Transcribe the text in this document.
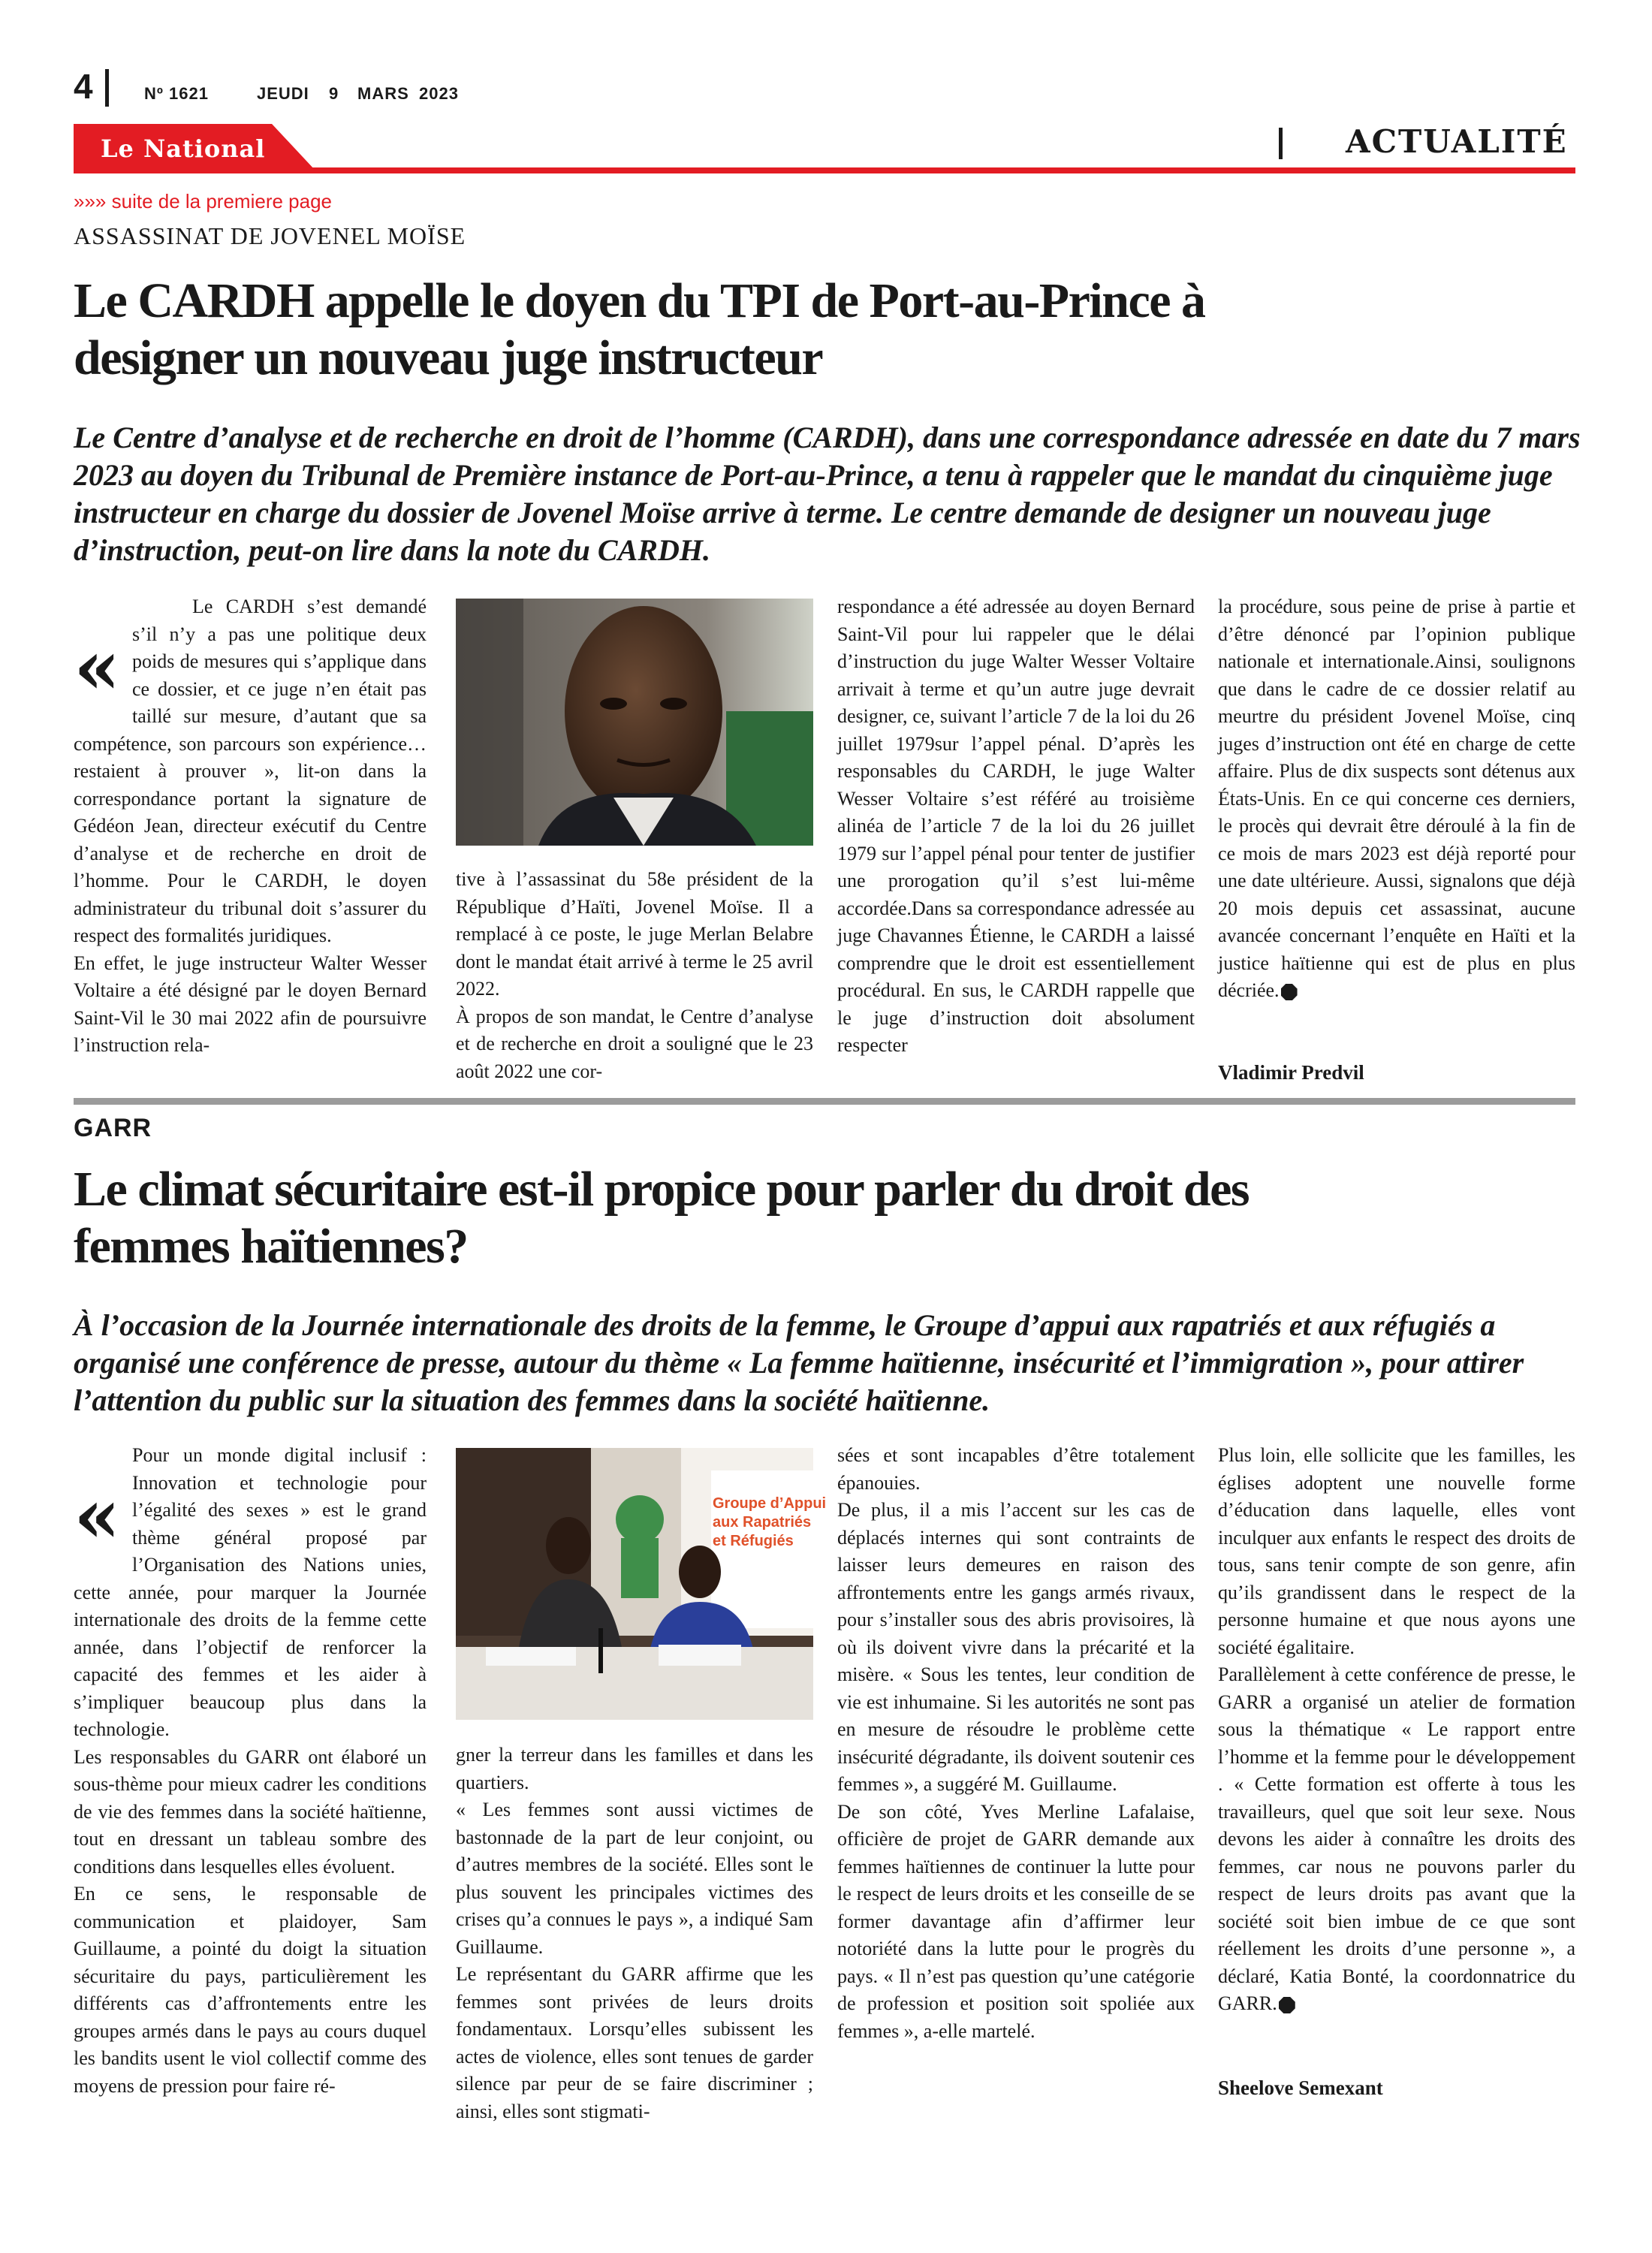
4	Nº 1621	JEUDI 9 MARS 2023
Le National	ACTUALITÉ
»»» suite de la premiere page
ASSASSINAT DE JOVENEL MOÏSE
Le CARDH appelle le doyen du TPI de Port-au-Prince à
designer un nouveau juge instructeur

Le Centre d’analyse et de recherche en droit de l’homme (CARDH), dans une correspondance adressée en date du 7 mars 2023 au doyen du Tribunal de Première instance de Port-au-Prince, a tenu à rappeler que le mandat du cinquième juge instructeur en charge du dossier de Jovenel Moïse arrive à terme. Le centre demande de designer un nouveau juge d’instruction, peut-on lire dans la note du CARDH.

«

Le CARDH s’est demandé s’il n’y a pas une politique deux poids de mesures qui s’applique dans ce dossier, et ce juge n’en était pas taillé sur mesure, d’autant que sa compétence, son parcours son expérience… restaient à prouver », lit-on dans la correspondance portant la signature de Gédéon Jean, directeur exécutif du Centre d’analyse et de recherche en droit de l’homme. Pour le CARDH, le doyen administrateur du tribunal doit s’assurer du respect des formalités juridiques.

En effet, le juge instructeur Walter Wesser Voltaire a été désigné par le doyen Bernard Saint-Vil le 30 mai 2022 afin de poursuivre l’instruction rela-

tive à l’assassinat du 58e président de la République d’Haïti, Jovenel Moïse. Il a remplacé à ce poste, le juge Merlan Belabre dont le mandat était arrivé à terme le 25 avril 2022.

À propos de son mandat, le Centre d’analyse et de recherche en droit a souligné que le 23 août 2022 une cor-

respondance a été adressée au doyen Bernard Saint-Vil pour lui rappeler que le délai d’instruction du juge Walter Wesser Voltaire arrivait à terme et qu’un autre juge devrait designer, ce, suivant l’article 7 de la loi du 26 juillet 1979sur l’appel pénal. D’après les responsables du CARDH, le juge Walter Wesser Voltaire s’est référé au troisième alinéa de l’article 7 de la loi du 26 juillet 1979 sur l’appel pénal pour tenter de justifier une prorogation qu’il s’est lui-même accordée.Dans sa correspondance adressée au juge Chavannes Étienne, le CARDH a laissé comprendre que le droit est essentiellement procédural. En sus, le CARDH rappelle que le juge d’instruction doit absolument respecter

la procédure, sous peine de prise à partie et d’être dénoncé par l’opinion publique nationale et internationale.Ainsi, soulignons que dans le cadre de ce dossier relatif au meurtre du président Jovenel Moïse, cinq juges d’instruction ont été en charge de cette affaire. Plus de dix suspects sont détenus aux États-Unis. En ce qui concerne ces derniers, le procès qui devrait être déroulé à la fin de ce mois de mars 2023 est déjà reporté pour une date ultérieure. Aussi, signalons que déjà 20 mois depuis cet assassinat, aucune avancée concernant l’enquête en Haïti et la justice haïtienne qui est de plus en plus décriée.

Vladimir Predvil
GARR
Le climat sécuritaire est-il propice pour parler du droit des
femmes haïtiennes?

À l’occasion de la Journée internationale des droits de la femme, le Groupe d’appui aux rapatriés et aux réfugiés a organisé une conférence de presse, autour du thème « La femme haïtienne, insécurité et l’immigration », pour attirer l’attention du public sur la situation des femmes dans la société haïtienne.

«

Pour un monde digital inclusif : Innovation et technologie pour l’égalité des sexes » est le grand thème général proposé par l’Organisation des Nations unies, cette année, pour marquer la Journée internationale des droits de la femme cette année, dans l’objectif de renforcer la capacité des femmes et les aider à s’impliquer beaucoup plus dans la technologie.

Les responsables du GARR ont élaboré un sous-thème pour mieux cadrer les conditions de vie des femmes dans la société haïtienne, tout en dressant un tableau sombre des conditions dans lesquelles elles évoluent.

En ce sens, le responsable de communication et plaidoyer, Sam Guillaume, a pointé du doigt la situation sécuritaire du pays, particulièrement les différents cas d’affrontements entre les groupes armés dans le pays au cours duquel les bandits usent le viol collectif comme des moyens de pression pour faire ré-

Groupe d’Appui
aux Rapatriés
et Réfugiés

gner la terreur dans les familles et dans les quartiers.

« Les femmes sont aussi victimes de bastonnade de la part de leur conjoint, ou d’autres membres de la société. Elles sont le plus souvent les principales victimes des crises qu’a connues le pays », a indiqué Sam Guillaume.

Le représentant du GARR affirme que les femmes sont privées de leurs droits fondamentaux. Lorsqu’elles subissent les actes de violence, elles sont tenues de garder silence par peur de se faire discriminer ; ainsi, elles sont stigmati-

sées et sont incapables d’être totalement épanouies.

De plus, il a mis l’accent sur les cas de déplacés internes qui sont contraints de laisser leurs demeures en raison des affrontements entre les gangs armés rivaux, pour s’installer sous des abris provisoires, là où ils doivent vivre dans la précarité et la misère. « Sous les tentes, leur condition de vie est inhumaine. Si les autorités ne sont pas en mesure de résoudre le problème cette insécurité dégradante, ils doivent soutenir ces femmes », a suggéré M. Guillaume.

De son côté, Yves Merline Lafalaise, officière de projet de GARR demande aux femmes haïtiennes de continuer la lutte pour le respect de leurs droits et les conseille de se former davantage afin d’affirmer leur notoriété dans la lutte pour le progrès du pays. « Il n’est pas question qu’une catégorie de profession et position soit spoliée aux femmes », a-elle martelé.

Plus loin, elle sollicite que les familles, les églises adoptent une nouvelle forme d’éducation dans laquelle, elles vont inculquer aux enfants le respect des droits de tous, sans tenir compte de son genre, afin qu’ils grandissent dans le respect de la personne humaine et que nous ayons une société égalitaire.

Parallèlement à cette conférence de presse, le GARR a organisé un atelier de formation sous la thématique « Le rapport entre l’homme et la femme pour le développement . « Cette formation est offerte à tous les travailleurs, quel que soit leur sexe. Nous devons les aider à connaître les droits des femmes, car nous ne pouvons parler du respect de leurs droits pas avant que la société soit bien imbue de ce que sont réellement les droits d’une personne », a déclaré, Katia Bonté, la coordonnatrice du GARR.

Sheelove Semexant
